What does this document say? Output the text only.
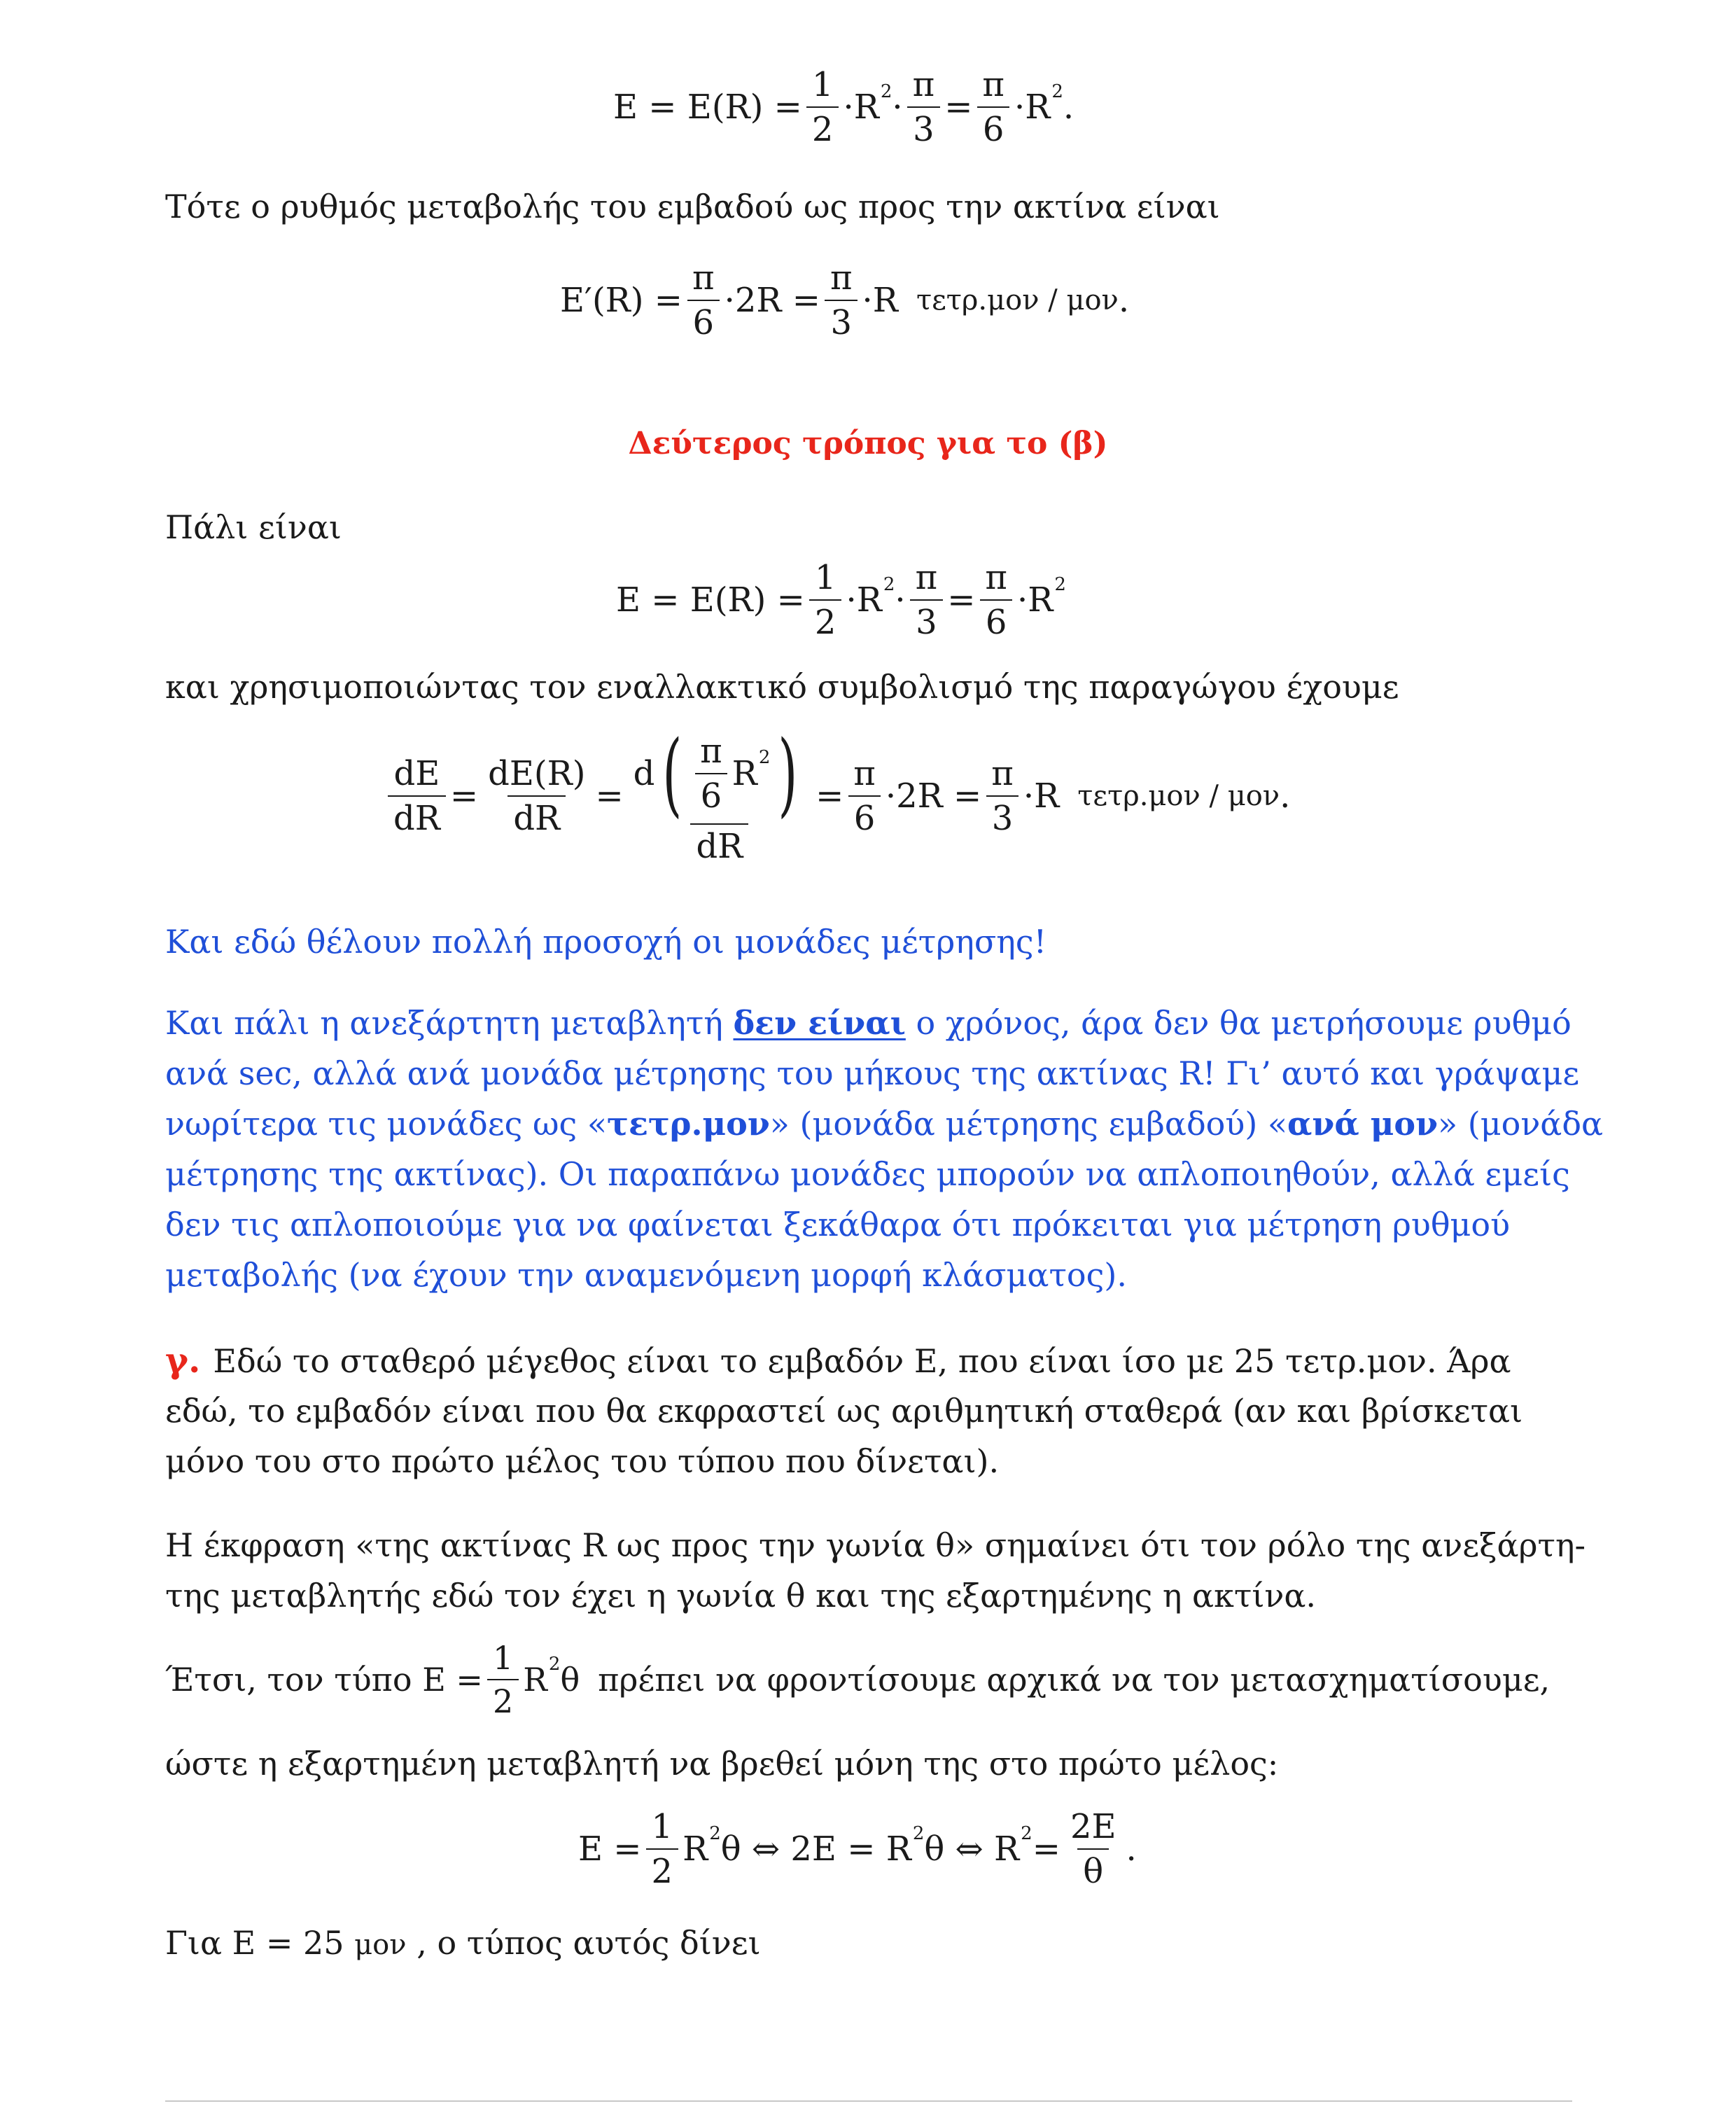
$E = E(R) = \frac{1}{2} \cdot R$ $2 \cdot \frac{\pi}{3} = \frac{\pi}{6} \cdot R$ 2 .
Τότε ο ρυθμός μεταβολής του εμβαδού ως προς την ακτίνα είναι
$E'(R) = \frac{\pi}{6} \cdot 2R = \frac{\pi}{3} \cdot R$ τετρ.μον / μον .
Δεύτερος τρόπος για το (β)
Πάλι είναι
$E = E(R) = \frac{1}{2} \cdot R$ $2 \cdot \frac{\pi}{3} = \frac{\pi}{6} \cdot R$ 2
και χρησιμοποιώντας τον εναλλακτικό συμβολισμό της παραγώγου έχουμε
$\frac{dE}{dR} = \frac{dE(R)}{dR} = \frac{d ( \frac{\pi}{6} R 2 )}{dR} = \frac{\pi}{6} \cdot 2R = \frac{\pi}{3} \cdot R$ τετρ.μον / μον .
Και εδώ θέλουν πολλή προσοχή οι μονάδες μέτρησης!
Και πάλι η ανεξάρτητη μεταβλητή δεν είναι ο χρόνος, άρα δεν θα μετρήσουμε ρυθμό
ανά sec, αλλά ανά μονάδα μέτρησης του μήκους της ακτίνας R! Γι’ αυτό και γράψαμε
νωρίτερα τις μονάδες ως «τετρ.μον» (μονάδα μέτρησης εμβαδού) «ανά μον» (μονάδα
μέτρησης της ακτίνας). Οι παραπάνω μονάδες μπορούν να απλοποιηθούν, αλλά εμείς
δεν τις απλοποιούμε για να φαίνεται ξεκάθαρα ότι πρόκειται για μέτρηση ρυθμού
μεταβολής (να έχουν την αναμενόμενη μορφή κλάσματος).
γ. Εδώ το σταθερό μέγεθος είναι το εμβαδόν E, που είναι ίσο με 25 τετρ.μον. Άρα
εδώ, το εμβαδόν είναι που θα εκφραστεί ως αριθμητική σταθερά (αν και βρίσκεται
μόνο του στο πρώτο μέλος του τύπου που δίνεται).
Η έκφραση «της ακτίνας R ως προς την γωνία θ» σημαίνει ότι τον ρόλο της ανεξάρτη-
της μεταβλητής εδώ τον έχει η γωνία θ και της εξαρτημένης η ακτίνα.
Έτσι, τον τύπο $E = \frac{1}{2}$ R 2 θ πρέπει να φροντίσουμε αρχικά να τον μετασχηματίσουμε,
ώστε η εξαρτημένη μεταβλητή να βρεθεί μόνη της στο πρώτο μέλος:
$E = \frac{1}{2}$ R 2 θ ⇔ 2E = R 2 θ ⇔ R $2 = \frac{2E}{\theta}$ .
Για E = 25 μον , ο τύπος αυτός δίνει
